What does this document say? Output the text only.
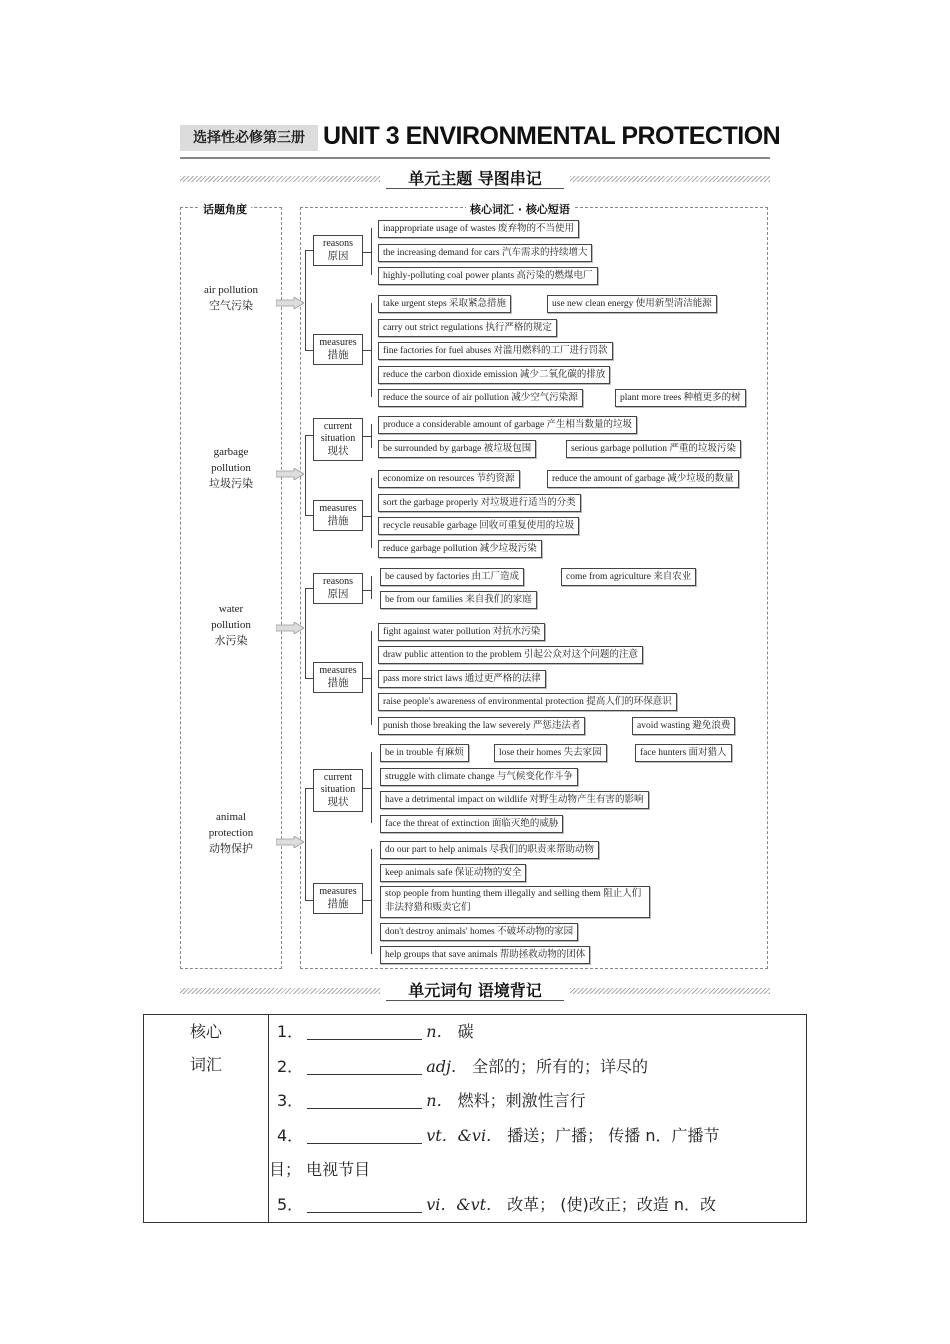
选择性必修第三册 UNIT 3 ENVIRONMENTAL PROTECTION
单元主题 导图串记
话题角度	核心词汇 · 核心短语
air pollution
空气污染
garbage
pollution
垃圾污染
water
pollution
水污染
animal
protection
动物保护
reasons
原因
measures
措施
current
situation
现状
measures
措施
reasons
原因
measures
措施
current
situation
现状
measures
措施
inappropriate usage of wastes 废弃物的不当使用
the increasing demand for cars 汽车需求的持续增大
highly-polluting coal power plants 高污染的燃煤电厂
take urgent steps 采取紧急措施	use new clean energy 使用新型清洁能源
carry out strict regulations 执行严格的规定
fine factories for fuel abuses 对滥用燃料的工厂进行罚款
reduce the carbon dioxide emission 减少二氧化碳的排放
reduce the source of air pollution 减少空气污染源	plant more trees 种植更多的树
produce a considerable amount of garbage 产生相当数量的垃圾
be surrounded by garbage 被垃圾包围	serious garbage pollution 严重的垃圾污染
economize on resources 节约资源	reduce the amount of garbage 减少垃圾的数量
sort the garbage properly 对垃圾进行适当的分类
recycle reusable garbage 回收可重复使用的垃圾
reduce garbage pollution 减少垃圾污染
be caused by factories 由工厂造成	come from agriculture 来自农业
be from our families 来自我们的家庭
fight against water pollution 对抗水污染
draw public attention to the problem 引起公众对这个问题的注意
pass more strict laws 通过更严格的法律
raise people's awareness of environmental protection 提高人们的环保意识
punish those breaking the law severely 严惩违法者	avoid wasting 避免浪费
be in trouble 有麻烦	lose their homes 失去家园	face hunters 面对猎人
struggle with climate change 与气候变化作斗争
have a detrimental impact on wildlife 对野生动物产生有害的影响
face the threat of extinction 面临灭绝的威胁
do our part to help animals 尽我们的职责来帮助动物
keep animals safe 保证动物的安全
stop people from hunting them illegally and selling them 阻止人们非法狩猎和贩卖它们
don't destroy animals' homes 不破坏动物的家园
help groups that save animals 帮助拯救动物的团体
单元词句 语境背记
核心
词汇

1．	n． 碳
2．	adj． 全部的；所有的；详尽的
3．	n． 燃料；刺激性言行
4．	vt．&vi． 播送；广播； 传播 n．广播节
目； 电视节目
5．	vi．&vt． 改革； (使)改正；改造 n．改
